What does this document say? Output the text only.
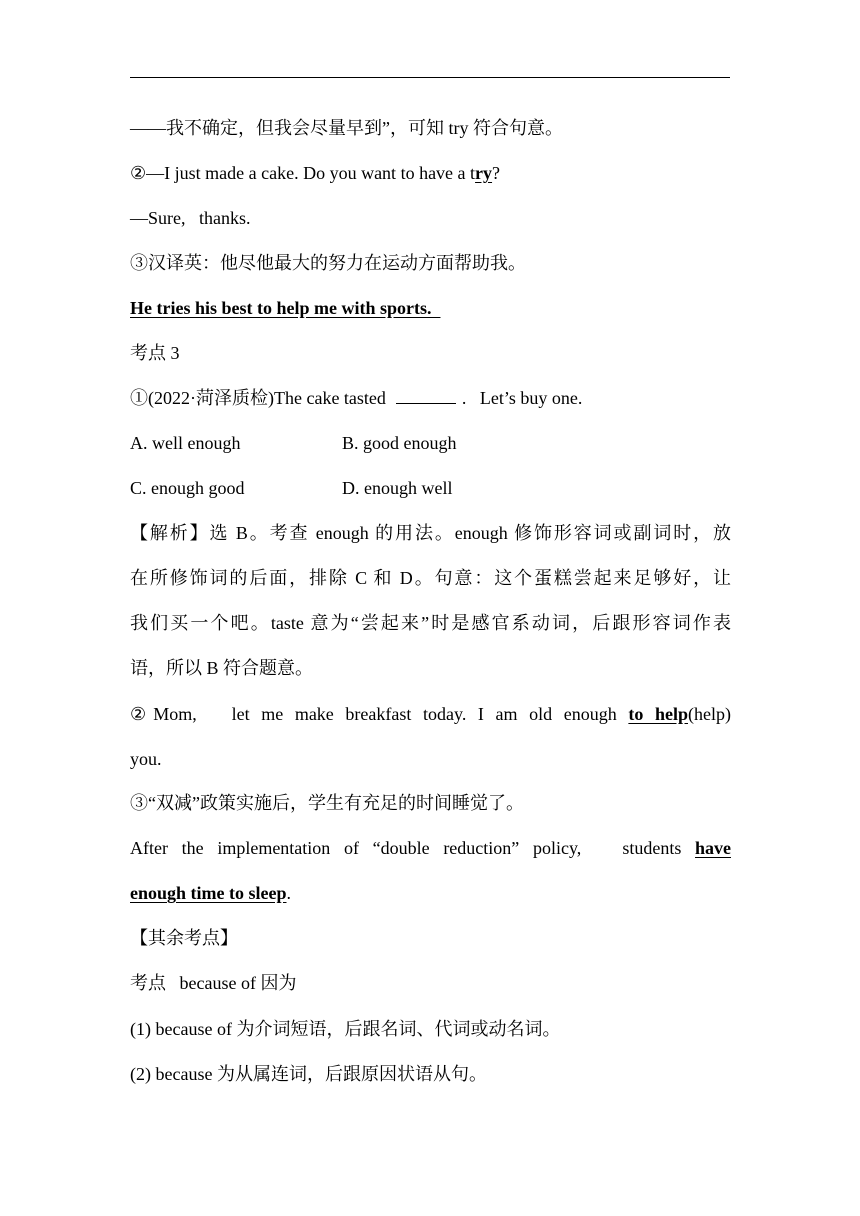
——我不确定，但我会尽量早到”，可知 try 符合句意。
②—I just made a cake. Do you want to have a try?
—Sure,   thanks.
③汉译英：他尽他最大的努力在运动方面帮助我。
He tries his best to help me with sports.
考点 3
①(2022·菏泽质检)The cake tasted	.   Let’s buy one.
A. well enough	B. good enough
C. enough good	D. enough well
【解析】选 B。考查 enough 的用法。enough 修饰形容词或副词时，放
在所修饰词的后面，排除 C 和 D。句意：这个蛋糕尝起来足够好，让
我们买一个吧。taste 意为“尝起来”时是感官系动词，后跟形容词作表
语，所以 B 符合题意。
②Mom,   let me make breakfast today. I am old enough to help(help)
you.
③“双减”政策实施后，学生有充足的时间睡觉了。
After the implementation of “double reduction” policy,   students have
enough time to sleep.
【其余考点】
考点   because of 因为
(1) because of 为介词短语，后跟名词、代词或动名词。
(2) because 为从属连词，后跟原因状语从句。
